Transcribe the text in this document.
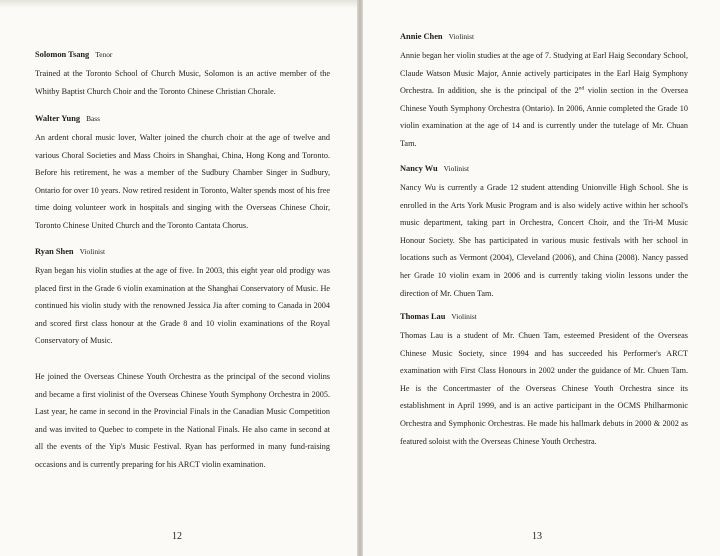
Solomon Tsang Tenor

Trained at the Toronto School of Church Music, Solomon is an active member of the Whitby Baptist Church Choir and the Toronto Chinese Christian Chorale.

Walter Yung Bass

An ardent choral music lover, Walter joined the church choir at the age of twelve and various Choral Societies and Mass Choirs in Shanghai, China, Hong Kong and Toronto. Before his retirement, he was a member of the Sudbury Chamber Singer in Sudbury, Ontario for over 10 years. Now retired resident in Toronto, Walter spends most of his free time doing volunteer work in hospitals and singing with the Overseas Chinese Choir, Toronto Chinese United Church and the Toronto Cantata Chorus.

Ryan Shen Violinist

Ryan began his violin studies at the age of five. In 2003, this eight year old prodigy was placed first in the Grade 6 violin examination at the Shanghai Conservatory of Music. He continued his violin study with the renowned Jessica Jia after coming to Canada in 2004 and scored first class honour at the Grade 8 and 10 violin examinations of the Royal Conservatory of Music.

He joined the Overseas Chinese Youth Orchestra as the principal of the second violins and became a first violinist of the Overseas Chinese Youth Symphony Orchestra in 2005. Last year, he came in second in the Provincial Finals in the Canadian Music Competition and was invited to Quebec to compete in the National Finals. He also came in second at all the events of the Yip's Music Festival. Ryan has performed in many fund-raising occasions and is currently preparing for his ARCT violin examination.

12

Annie Chen Violinist

Annie began her violin studies at the age of 7. Studying at Earl Haig Secondary School, Claude Watson Music Major, Annie actively participates in the Earl Haig Symphony Orchestra. In addition, she is the principal of the 2nd violin section in the Oversea Chinese Youth Symphony Orchestra (Ontario). In 2006, Annie completed the Grade 10 violin examination at the age of 14 and is currently under the tutelage of Mr. Chuan Tam.

Nancy Wu Violinist

Nancy Wu is currently a Grade 12 student attending Unionville High School. She is enrolled in the Arts York Music Program and is also widely active within her school's music department, taking part in Orchestra, Concert Choir, and the Tri-M Music Honour Society. She has participated in various music festivals with her school in locations such as Vermont (2004), Cleveland (2006), and China (2008). Nancy passed her Grade 10 violin exam in 2006 and is currently taking violin lessons under the direction of Mr. Chuen Tam.

Thomas Lau Violinist

Thomas Lau is a student of Mr. Chuen Tam, esteemed President of the Overseas Chinese Music Society, since 1994 and has succeeded his Performer's ARCT examination with First Class Honours in 2002 under the guidance of Mr. Chuen Tam. He is the Concertmaster of the Overseas Chinese Youth Orchestra since its establishment in April 1999, and is an active participant in the OCMS Philharmonic Orchestra and Symphonic Orchestras. He made his hallmark debuts in 2000 & 2002 as featured soloist with the Overseas Chinese Youth Orchestra.

13
